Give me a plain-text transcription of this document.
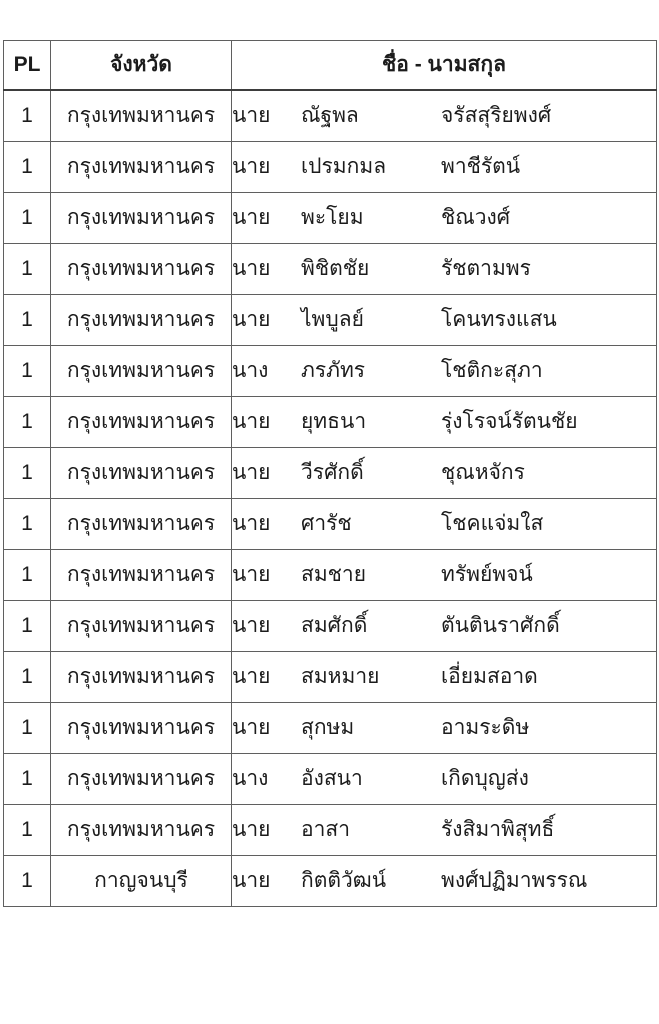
PL	จังหวัด	ชื่อ - นามสกุล
1	กรุงเทพมหานคร	นาย ณัฐพล จรัสสุริยพงศ์

1	กรุงเทพมหานคร	นาย เปรมกมล พาชีรัตน์

1	กรุงเทพมหานคร	นาย พะโยม ชิณวงศ์

1	กรุงเทพมหานคร	นาย พิชิตชัย รัชตามพร

1	กรุงเทพมหานคร	นาย ไพบูลย์ โคนทรงแสน

1	กรุงเทพมหานคร	นาง ภรภัทร โชติกะสุภา

1	กรุงเทพมหานคร	นาย ยุทธนา รุ่งโรจน์รัตนชัย

1	กรุงเทพมหานคร	นาย วีรศักดิ์ ชุณหจักร

1	กรุงเทพมหานคร	นาย ศารัช โชคแจ่มใส

1	กรุงเทพมหานคร	นาย สมชาย ทรัพย์พจน์

1	กรุงเทพมหานคร	นาย สมศักดิ์ ตันตินราศักดิ์

1	กรุงเทพมหานคร	นาย สมหมาย เอี่ยมสอาด

1	กรุงเทพมหานคร	นาย สุกษม อามระดิษ

1	กรุงเทพมหานคร	นาง อังสนา เกิดบุญส่ง

1	กรุงเทพมหานคร	นาย อาสา รังสิมาพิสุทธิ์

1	กาญจนบุรี	นาย กิตติวัฒน์ พงศ์ปฏิมาพรรณ
